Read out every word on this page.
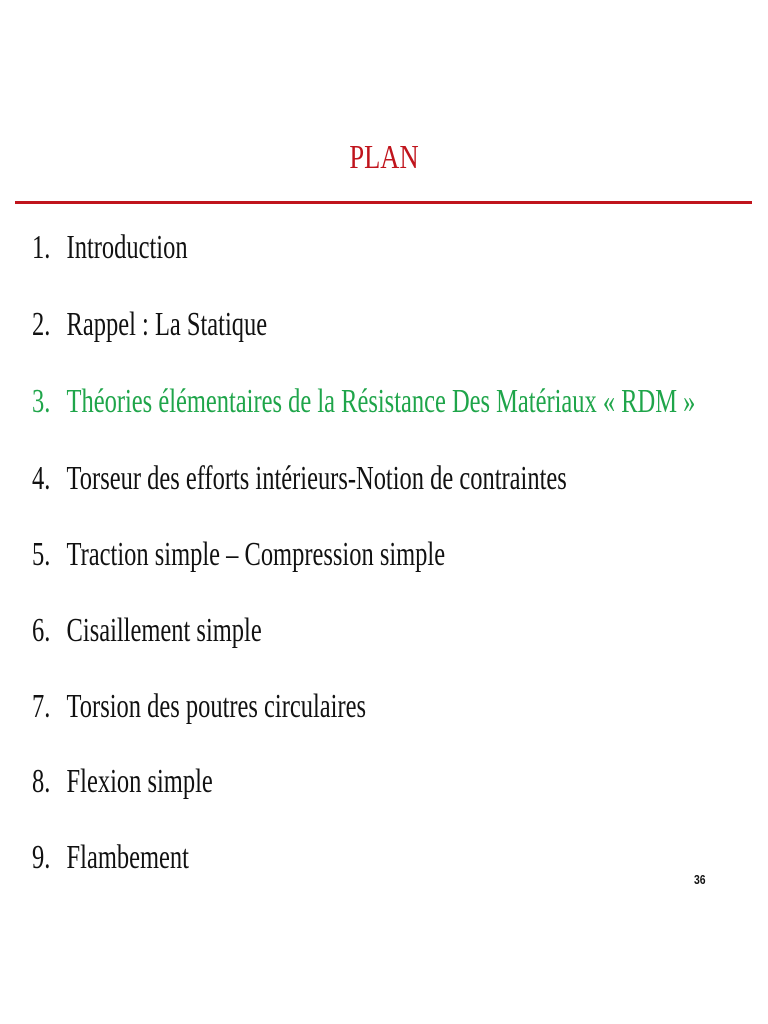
PLAN
1. Introduction
2. Rappel : La Statique
3. Théories élémentaires de la Résistance Des Matériaux « RDM »
4. Torseur des efforts intérieurs-Notion de contraintes
5. Traction simple – Compression simple
6. Cisaillement simple
7. Torsion des poutres circulaires
8. Flexion simple
9. Flambement
36
